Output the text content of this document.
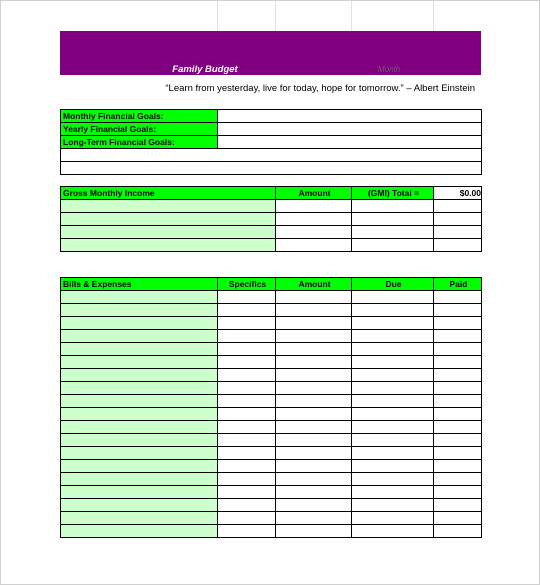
Family Budget	Month
“Learn from yesterday, live for today, hope for tomorrow.” – Albert Einstein
Monthly Financial Goals:	
Yearly Financial Goals:	
Long-Term Financial Goals:	

Gross Monthly Income	Amount	(GMI) Total =	$0.00

Bills & Expenses	Specifics	Amount	Due	Paid
